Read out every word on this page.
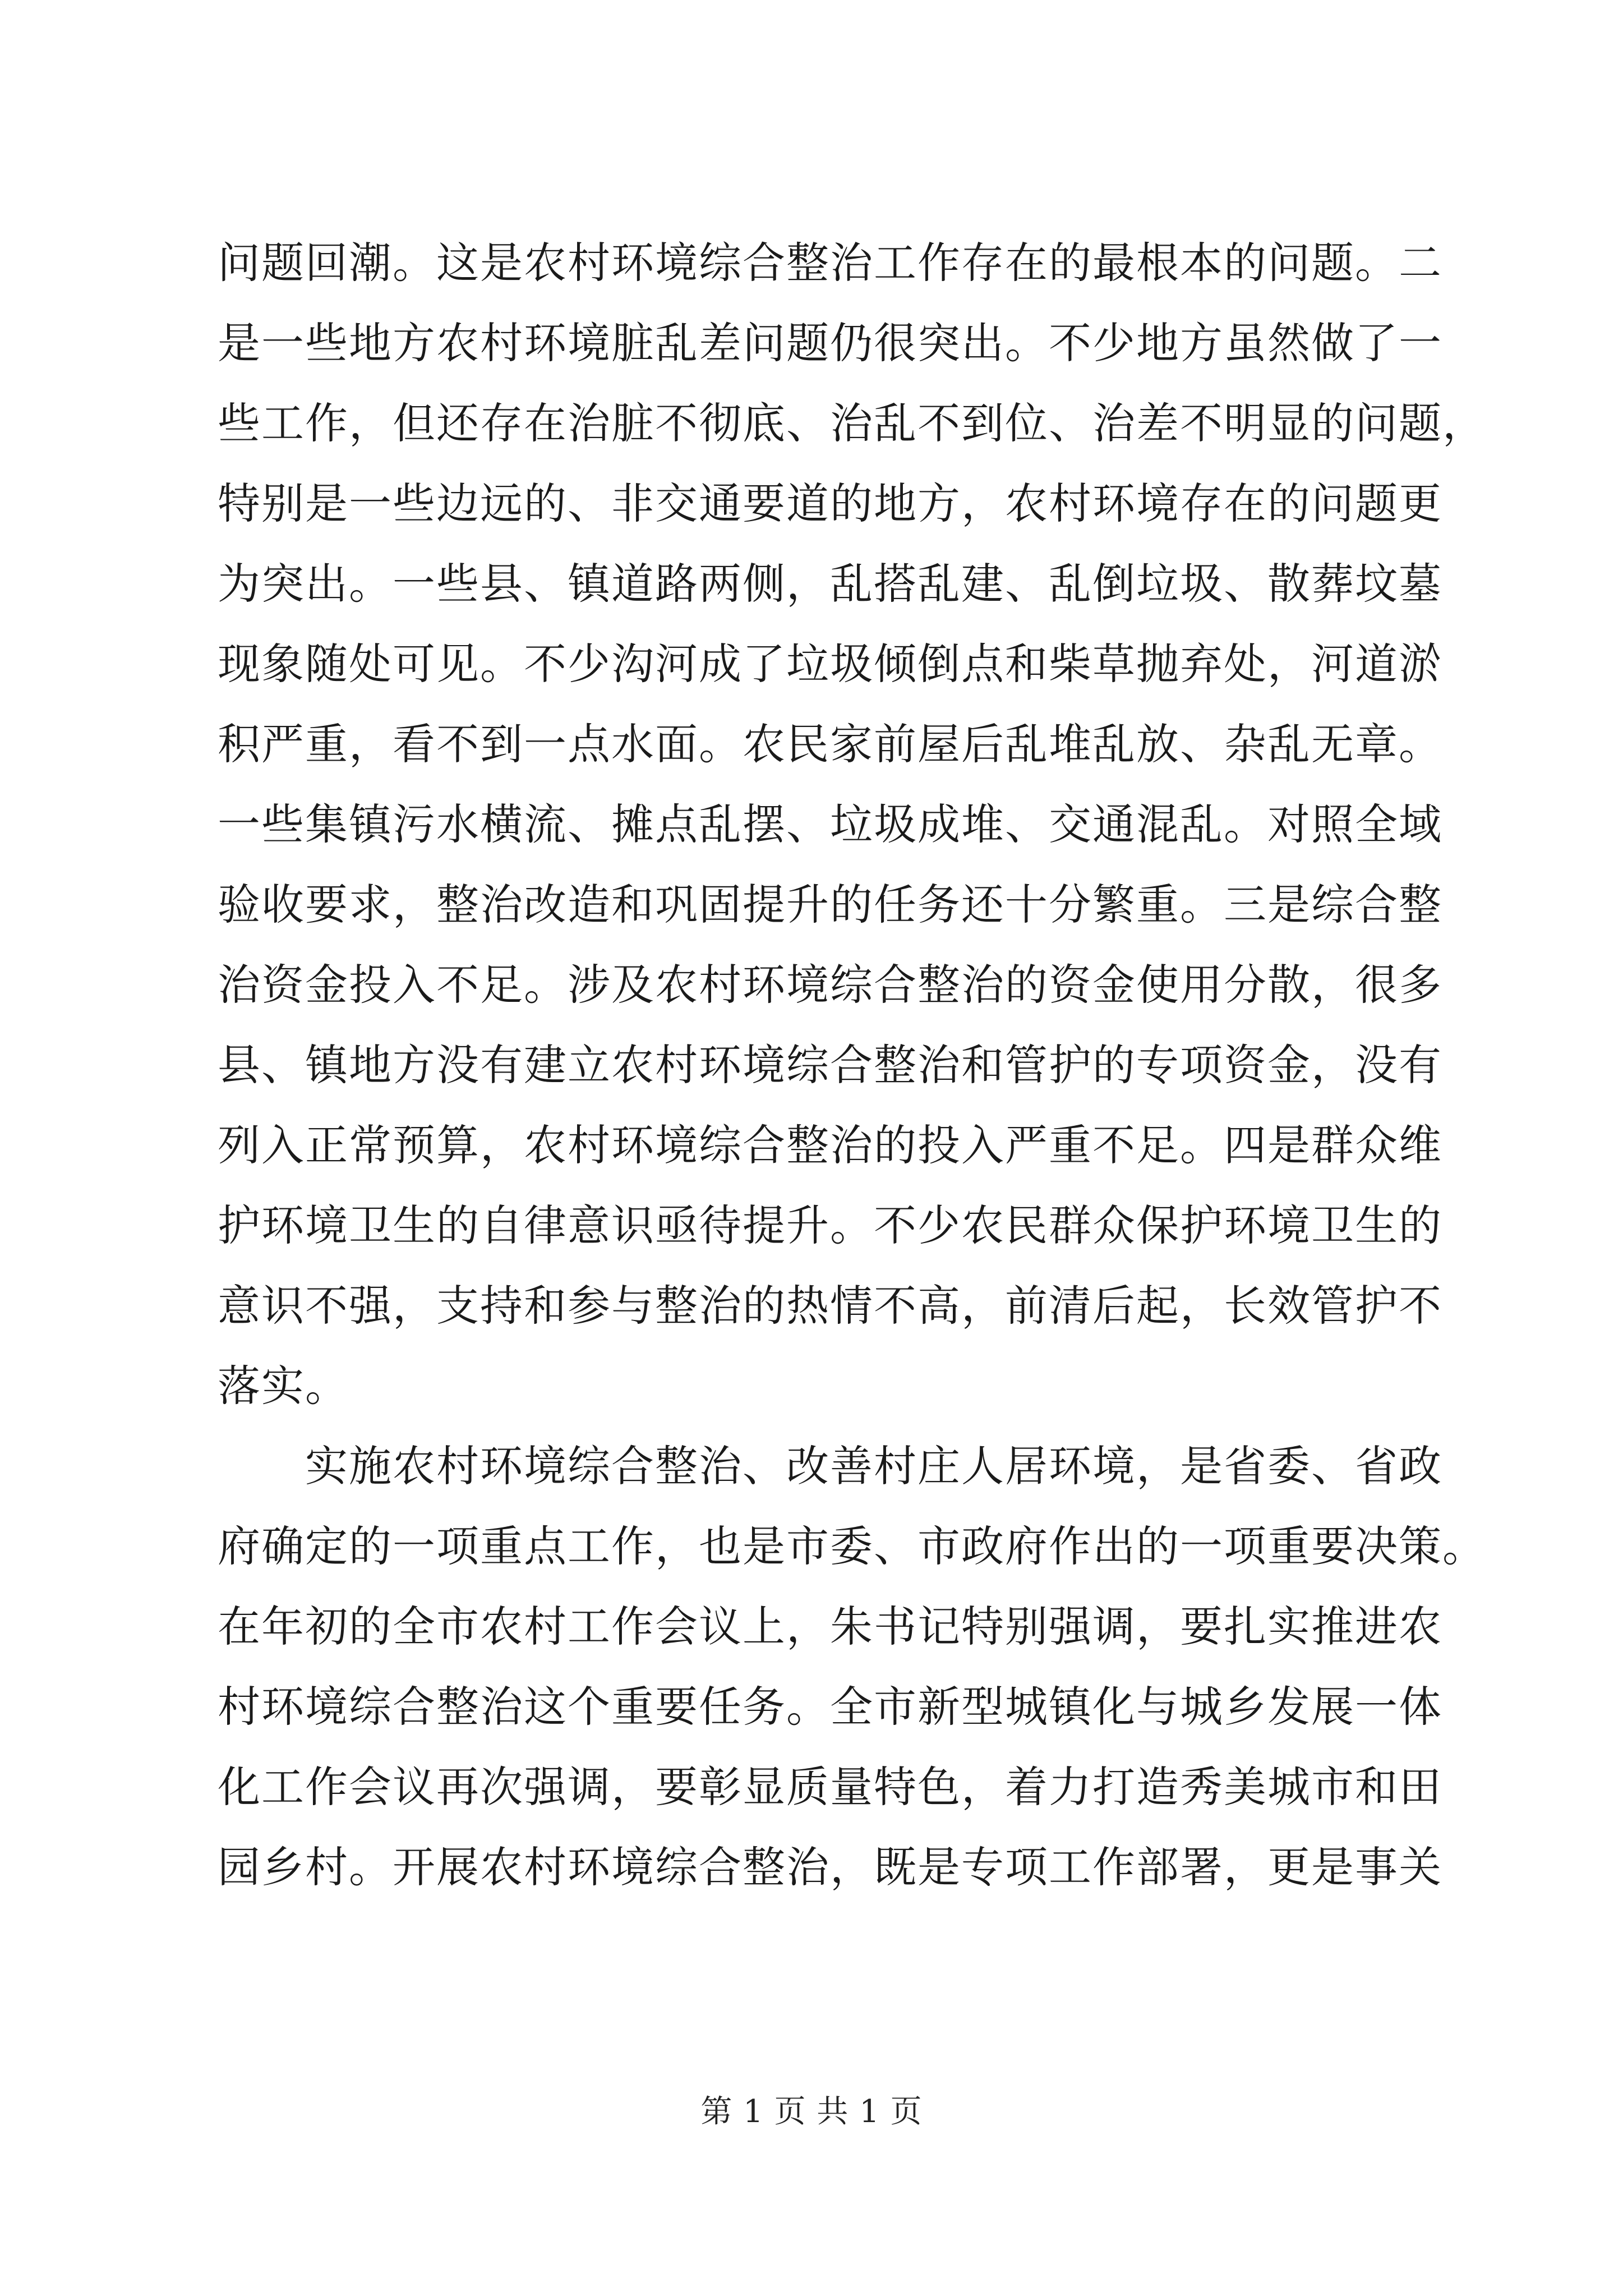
问题回潮。这是农村环境综合整治工作存在的最根本的问题。二
是一些地方农村环境脏乱差问题仍很突出。不少地方虽然做了一
些工作，但还存在治脏不彻底、治乱不到位、治差不明显的问题，
特别是一些边远的、非交通要道的地方，农村环境存在的问题更
为突出。一些县、镇道路两侧，乱搭乱建、乱倒垃圾、散葬坟墓
现象随处可见。不少沟河成了垃圾倾倒点和柴草抛弃处，河道淤
积严重，看不到一点水面。农民家前屋后乱堆乱放、杂乱无章。
一些集镇污水横流、摊点乱摆、垃圾成堆、交通混乱。对照全域
验收要求，整治改造和巩固提升的任务还十分繁重。三是综合整
治资金投入不足。涉及农村环境综合整治的资金使用分散，很多
县、镇地方没有建立农村环境综合整治和管护的专项资金，没有
列入正常预算，农村环境综合整治的投入严重不足。四是群众维
护环境卫生的自律意识亟待提升。不少农民群众保护环境卫生的
意识不强，支持和参与整治的热情不高，前清后起，长效管护不
落实。
　　实施农村环境综合整治、改善村庄人居环境，是省委、省政
府确定的一项重点工作，也是市委、市政府作出的一项重要决策。
在年初的全市农村工作会议上，朱书记特别强调，要扎实推进农
村环境综合整治这个重要任务。全市新型城镇化与城乡发展一体
化工作会议再次强调，要彰显质量特色，着力打造秀美城市和田
园乡村。开展农村环境综合整治，既是专项工作部署，更是事关
第 1 页 共 1 页
